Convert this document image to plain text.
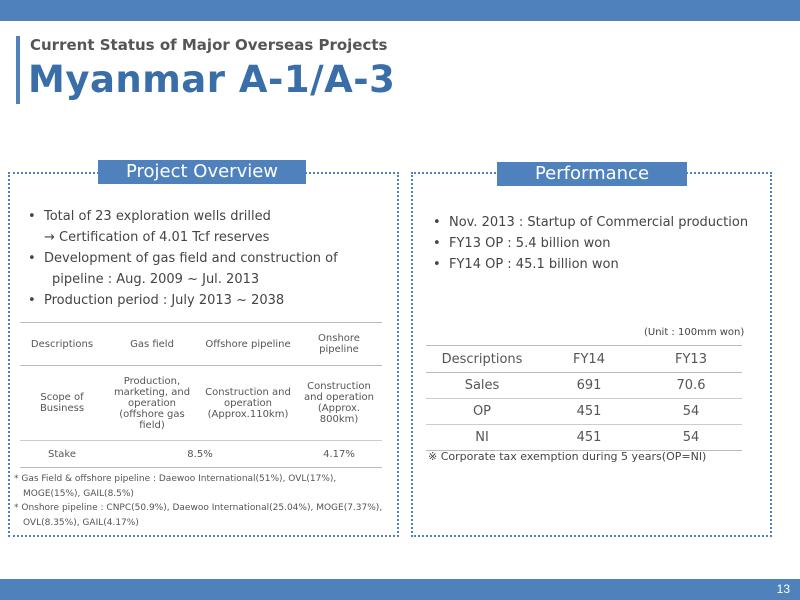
Current Status of Major Overseas Projects
Myanmar A-1/A-3
Project Overview
• Total of 23 exploration wells drilled
→ Certification of 4.01 Tcf reserves
• Development of gas field and construction of
pipeline : Aug. 2009 ~ Jul. 2013
• Production period : July 2013 ~ 2038
Descriptions	Gas field	Offshore pipeline	Onshore pipeline
Scope of Business	Production, marketing, and operation (offshore gas field)	Construction and operation (Approx.110km)	Construction and operation (Approx. 800km)
Stake	8.5%		4.17%
* Gas Field & offshore pipeline : Daewoo International(51%), OVL(17%), MOGE(15%), GAIL(8.5%)
* Onshore pipeline : CNPC(50.9%), Daewoo International(25.04%), MOGE(7.37%), OVL(8.35%), GAIL(4.17%)
Performance
• Nov. 2013 : Startup of Commercial production
• FY13 OP : 5.4 billion won
• FY14 OP : 45.1 billion won
(Unit : 100mm won)
Descriptions	FY14	FY13
Sales	691	70.6
OP	451	54
NI	451	54
※ Corporate tax exemption during 5 years(OP=NI)
13
